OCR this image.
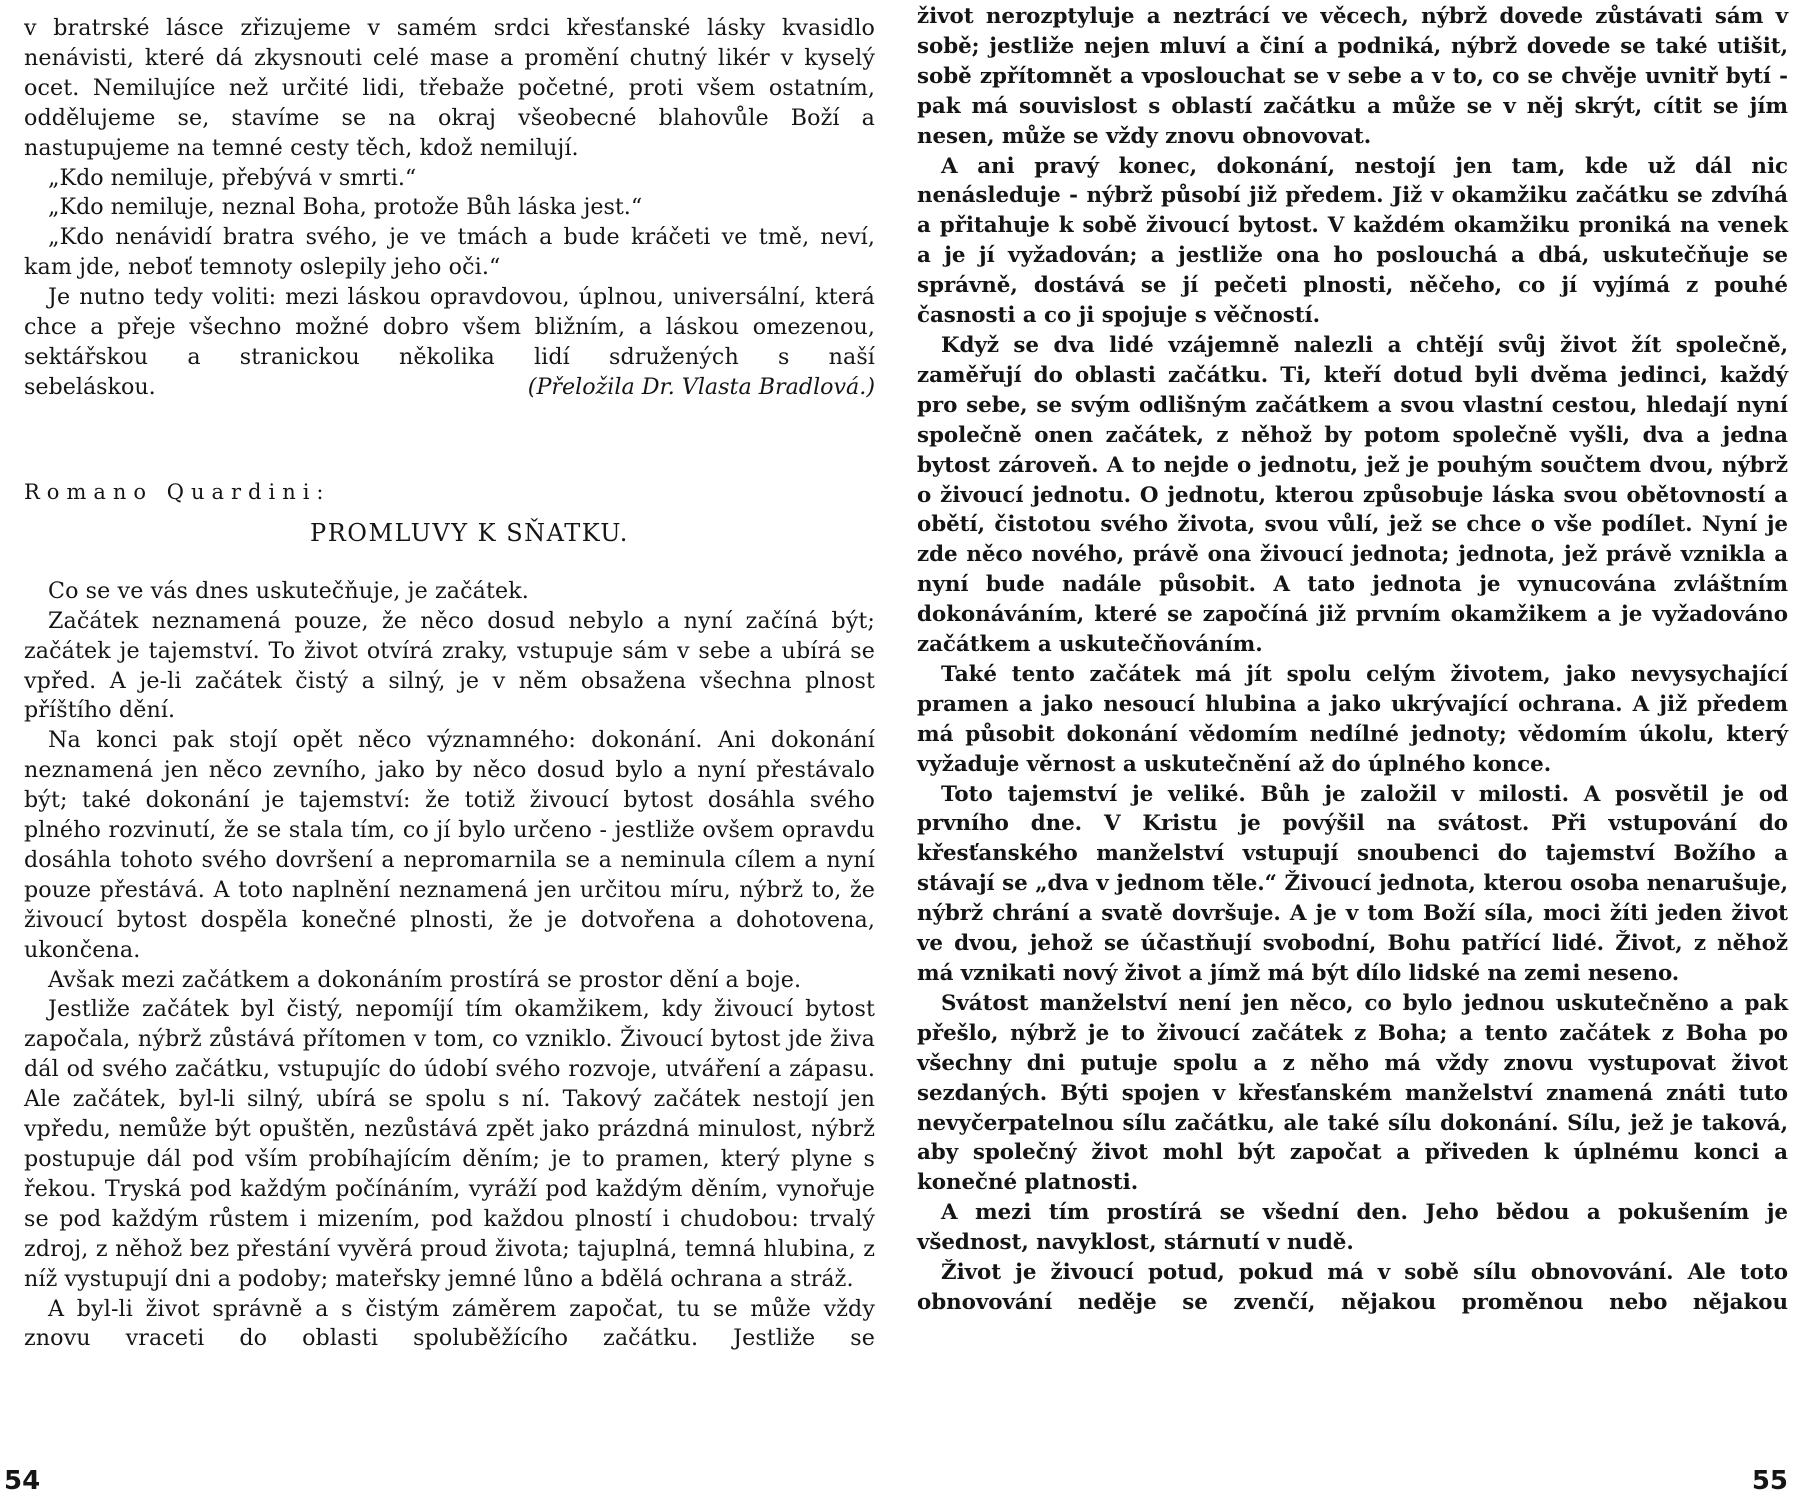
v bratrské lásce zřizujeme v samém srdci křesťanské lásky kvasidlo nenávisti, které dá zkysnouti celé mase a promění chutný likér v kyselý ocet. Nemilujíce než určité lidi, třebaže početné, proti všem ostatním, oddělujeme se, stavíme se na okraj všeobecné blahovůle Boží a nastupujeme na temné cesty těch, kdož nemilují.

„Kdo nemiluje, přebývá v smrti.“

„Kdo nemiluje, neznal Boha, protože Bůh láska jest.“

„Kdo nenávidí bratra svého, je ve tmách a bude kráčeti ve tmě, neví, kam jde, neboť temnoty oslepily jeho oči.“

Je nutno tedy voliti: mezi láskou opravdovou, úplnou, universální, která chce a přeje všechno možné dobro všem bližním, a láskou omezenou, sektářskou a stranickou několika lidí sdružených s naší

sebeláskou.	(Přeložila Dr. Vlasta Bradlová.)
Romano Quardini:
PROMLUVY K SŇATKU.

Co se ve vás dnes uskutečňuje, je začátek.

Začátek neznamená pouze, že něco dosud nebylo a nyní začíná být; začátek je tajemství. To život otvírá zraky, vstupuje sám v sebe a ubírá se vpřed. A je-li začátek čistý a silný, je v něm obsažena všechna plnost příštího dění.

Na konci pak stojí opět něco významného: dokonání. Ani dokonání neznamená jen něco zevního, jako by něco dosud bylo a nyní přestávalo být; také dokonání je tajemství: že totiž živoucí bytost dosáhla svého plného rozvinutí, že se stala tím, co jí bylo určeno - jestliže ovšem opravdu dosáhla tohoto svého dovršení a nepromarnila se a neminula cílem a nyní pouze přestává. A toto naplnění neznamená jen určitou míru, nýbrž to, že živoucí bytost dospěla konečné plnosti, že je dotvořena a dohotovena, ukončena.

Avšak mezi začátkem a dokonáním prostírá se prostor dění a boje.

Jestliže začátek byl čistý, nepomíjí tím okamžikem, kdy živoucí bytost započala, nýbrž zůstává přítomen v tom, co vzniklo. Živoucí bytost jde živa dál od svého začátku, vstupujíc do údobí svého rozvoje, utváření a zápasu. Ale začátek, byl-li silný, ubírá se spolu s ní. Takový začátek nestojí jen vpředu, nemůže být opuštěn, nezůstává zpět jako prázdná minulost, nýbrž postupuje dál pod vším probíhajícím děním; je to pramen, který plyne s řekou. Tryská pod každým počínáním, vyráží pod každým děním, vynořuje se pod každým růstem i mizením, pod každou plností i chudobou: trvalý zdroj, z něhož bez přestání vyvěrá proud života; tajuplná, temná hlubina, z níž vystupují dni a podoby; mateřsky jemné lůno a bdělá ochrana a stráž.

A byl-li život správně a s čistým záměrem započat, tu se může vždy znovu vraceti do oblasti spoluběžícího začátku. Jestliže se

54

život nerozptyluje a neztrácí ve věcech, nýbrž dovede zůstávati sám v sobě; jestliže nejen mluví a činí a podniká, nýbrž dovede se také utišit, sobě zpřítomnět a vposlouchat se v sebe a v to, co se chvěje uvnitř bytí - pak má souvislost s oblastí začátku a může se v něj skrýt, cítit se jím nesen, může se vždy znovu obnovovat.

A ani pravý konec, dokonání, nestojí jen tam, kde už dál nic nenásleduje - nýbrž působí již předem. Již v okamžiku začátku se zdvíhá a přitahuje k sobě živoucí bytost. V každém okamžiku proniká na venek a je jí vyžadován; a jestliže ona ho poslouchá a dbá, uskutečňuje se správně, dostává se jí pečeti plnosti, něčeho, co jí vyjímá z pouhé časnosti a co ji spojuje s věčností.

Když se dva lidé vzájemně nalezli a chtějí svůj život žít společně, zaměřují do oblasti začátku. Ti, kteří dotud byli dvěma jedinci, každý pro sebe, se svým odlišným začátkem a svou vlastní cestou, hledají nyní společně onen začátek, z něhož by potom společně vyšli, dva a jedna bytost zároveň. A to nejde o jednotu, jež je pouhým součtem dvou, nýbrž o živoucí jednotu. O jednotu, kterou způsobuje láska svou obětovností a obětí, čistotou svého života, svou vůlí, jež se chce o vše podílet. Nyní je zde něco nového, právě ona živoucí jednota; jednota, jež právě vznikla a nyní bude nadále působit. A tato jednota je vynucována zvláštním dokonáváním, které se započíná již prvním okamžikem a je vyžadováno začátkem a uskutečňováním.

Také tento začátek má jít spolu celým životem, jako nevysychající pramen a jako nesoucí hlubina a jako ukrývající ochrana. A již předem má působit dokonání vědomím nedílné jednoty; vědomím úkolu, který vyžaduje věrnost a uskutečnění až do úplného konce.

Toto tajemství je veliké. Bůh je založil v milosti. A posvětil je od prvního dne. V Kristu je povýšil na svátost. Při vstupování do křesťanského manželství vstupují snoubenci do tajemství Božího a stávají se „dva v jednom těle.“ Živoucí jednota, kterou osoba nenarušuje, nýbrž chrání a svatě dovršuje. A je v tom Boží síla, moci žíti jeden život ve dvou, jehož se účastňují svobodní, Bohu patřící lidé. Život, z něhož má vznikati nový život a jímž má být dílo lidské na zemi neseno.

Svátost manželství není jen něco, co bylo jednou uskutečněno a pak přešlo, nýbrž je to živoucí začátek z Boha; a tento začátek z Boha po všechny dni putuje spolu a z něho má vždy znovu vystupovat život sezdaných. Býti spojen v křesťanském manželství znamená znáti tuto nevyčerpatelnou sílu začátku, ale také sílu dokonání. Sílu, jež je taková, aby společný život mohl být započat a přiveden k úplnému konci a konečné platnosti.

A mezi tím prostírá se všední den. Jeho bědou a pokušením je všednost, navyklost, stárnutí v nudě.

Život je živoucí potud, pokud má v sobě sílu obnovování. Ale toto obnovování neděje se zvenčí, nějakou proměnou nebo nějakou

55
